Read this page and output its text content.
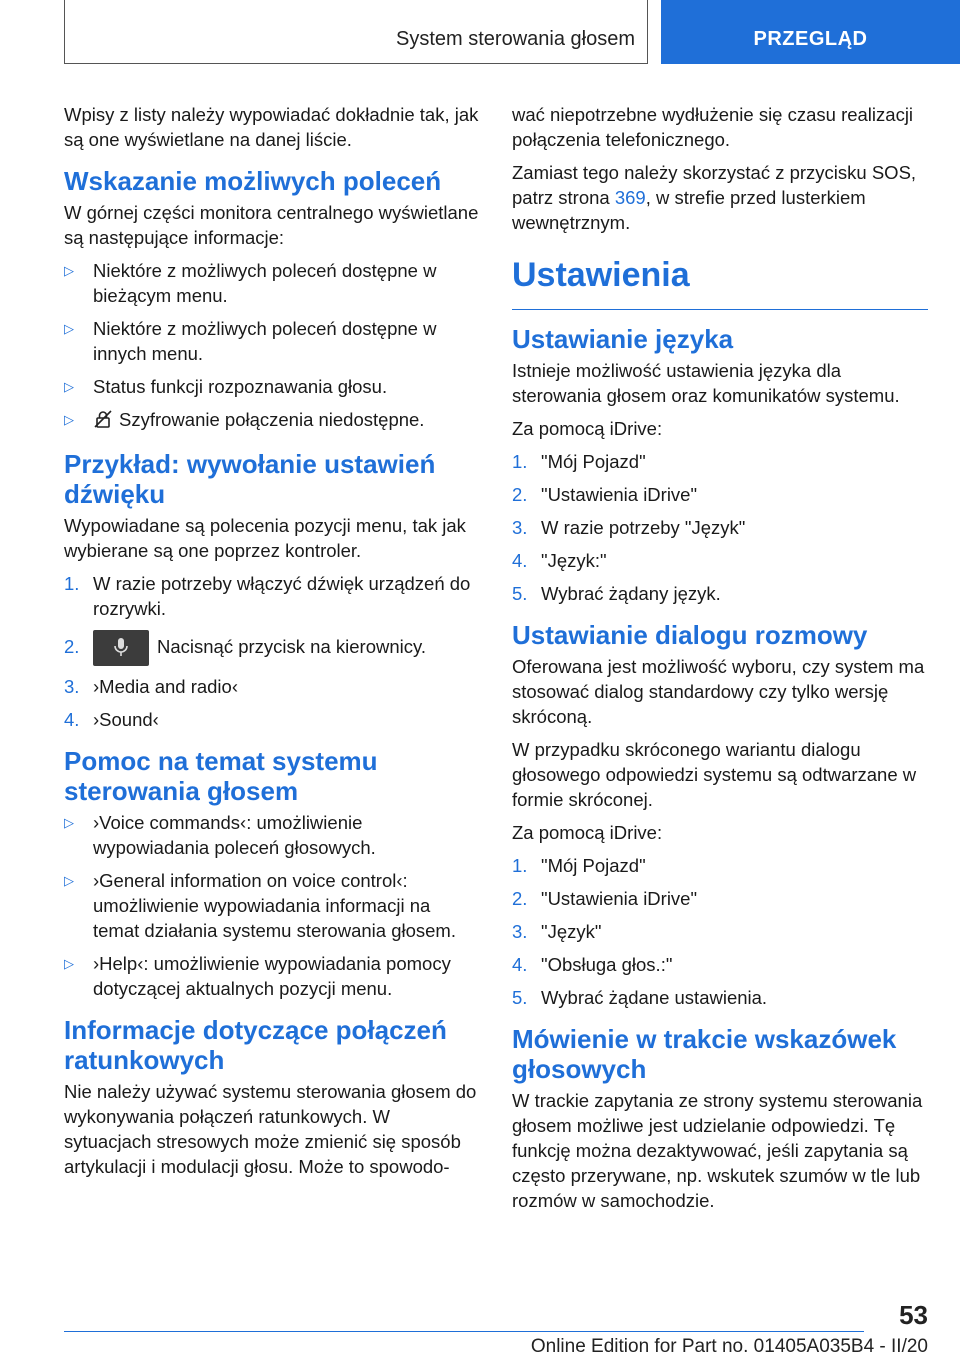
System sterowania głosem	PRZEGLĄD

Wpisy z listy należy wypowiadać dokładnie tak, jak są one wyświetlane na danej liście.

Wskazanie możliwych poleceń

W górnej części monitora centralnego wyświetlane są następujące informacje:

▷ Niektóre z możliwych poleceń dostępne w bieżącym menu.
▷ Niektóre z możliwych poleceń dostępne w innych menu.
▷ Status funkcji rozpoznawania głosu.
▷ Szyfrowanie połączenia niedostępne.
Przykład: wywołanie ustawień dźwięku

Wypowiadane są polecenia pozycji menu, tak jak wybierane są one poprzez kontroler.

1. W razie potrzeby włączyć dźwięk urządzeń do rozrywki.
2.	Nacisnąć przycisk na kierownicy.
3. ›Media and radio‹
4. ›Sound‹
Pomoc na temat systemu sterowania głosem
▷ ›Voice commands‹: umożliwienie wypowiadania poleceń głosowych.
▷ ›General information on voice control‹: umożliwienie wypowiadania informacji na temat działania systemu sterowania głosem.
▷ ›Help‹: umożliwienie wypowiadania pomocy dotyczącej aktualnych pozycji menu.
Informacje dotyczące połączeń ratunkowych

Nie należy używać systemu sterowania głosem do wykonywania połączeń ratunkowych. W sytuacjach stresowych może zmienić się sposób artykulacji i modulacji głosu. Może to spowodo-

wać niepotrzebne wydłużenie się czasu realizacji połączenia telefonicznego.

Zamiast tego należy skorzystać z przycisku SOS, patrz strona 369, w strefie przed lusterkiem wewnętrznym.

Ustawienia
Ustawianie języka

Istnieje możliwość ustawienia języka dla sterowania głosem oraz komunikatów systemu.

Za pomocą iDrive:

1. "Mój Pojazd"
2. "Ustawienia iDrive"
3. W razie potrzeby "Język"
4. "Język:"
5. Wybrać żądany język.
Ustawianie dialogu rozmowy

Oferowana jest możliwość wyboru, czy system ma stosować dialog standardowy czy tylko wersję skróconą.

W przypadku skróconego wariantu dialogu głosowego odpowiedzi systemu są odtwarzane w formie skróconej.

Za pomocą iDrive:

1. "Mój Pojazd"
2. "Ustawienia iDrive"
3. "Język"
4. "Obsługa głos.:"
5. Wybrać żądane ustawienia.
Mówienie w trakcie wskazówek głosowych

W trackie zapytania ze strony systemu sterowania głosem możliwe jest udzielanie odpowiedzi. Tę funkcję można dezaktywować, jeśli zapytania są często przerywane, np. wskutek szumów w tle lub rozmów w samochodzie.

53
Online Edition for Part no. 01405A035B4 - II/20
